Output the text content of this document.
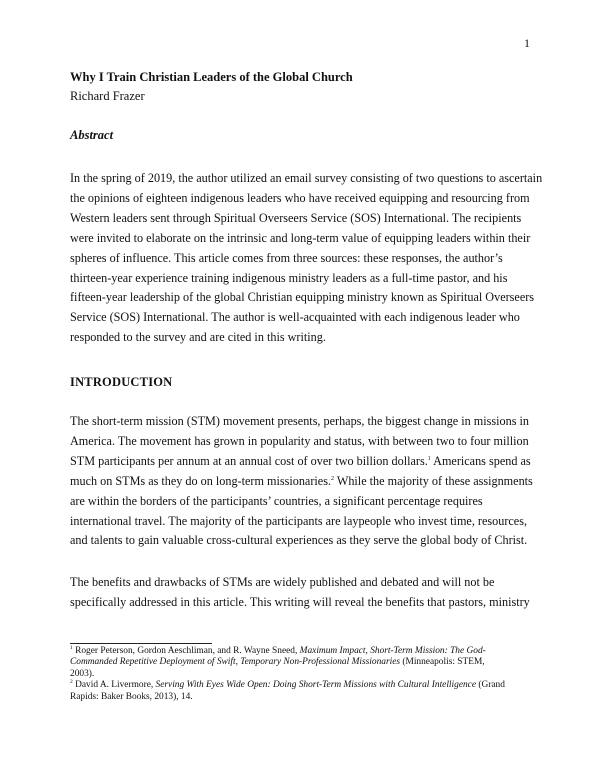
1
Why I Train Christian Leaders of the Global Church
Richard Frazer
Abstract

In the spring of 2019, the author utilized an email survey consisting of two questions to ascertain
the opinions of eighteen indigenous leaders who have received equipping and resourcing from
Western leaders sent through Spiritual Overseers Service (SOS) International. The recipients
were invited to elaborate on the intrinsic and long-term value of equipping leaders within their
spheres of influence. This article comes from three sources: these responses, the author’s
thirteen-year experience training indigenous ministry leaders as a full-time pastor, and his
fifteen-year leadership of the global Christian equipping ministry known as Spiritual Overseers
Service (SOS) International. The author is well-acquainted with each indigenous leader who
responded to the survey and are cited in this writing.

INTRODUCTION

The short-term mission (STM) movement presents, perhaps, the biggest change in missions in
America. The movement has grown in popularity and status, with between two to four million
STM participants per annum at an annual cost of over two billion dollars.$^1$ Americans spend as
much on STMs as they do on long-term missionaries.$^2$ While the majority of these assignments
are within the borders of the participants’ countries, a significant percentage requires
international travel. The majority of the participants are laypeople who invest time, resources,
and talents to gain valuable cross-cultural experiences as they serve the global body of Christ.

The benefits and drawbacks of STMs are widely published and debated and will not be
specifically addressed in this article. This writing will reveal the benefits that pastors, ministry

$^1$ Roger Peterson, Gordon Aeschliman, and R. Wayne Sneed, Maximum Impact, Short-Term Mission: The God-
Commanded Repetitive Deployment of Swift, Temporary Non-Professional Missionaries (Minneapolis: STEM,
2003).
$^2$ David A. Livermore, Serving With Eyes Wide Open: Doing Short-Term Missions with Cultural Intelligence (Grand
Rapids: Baker Books, 2013), 14.
